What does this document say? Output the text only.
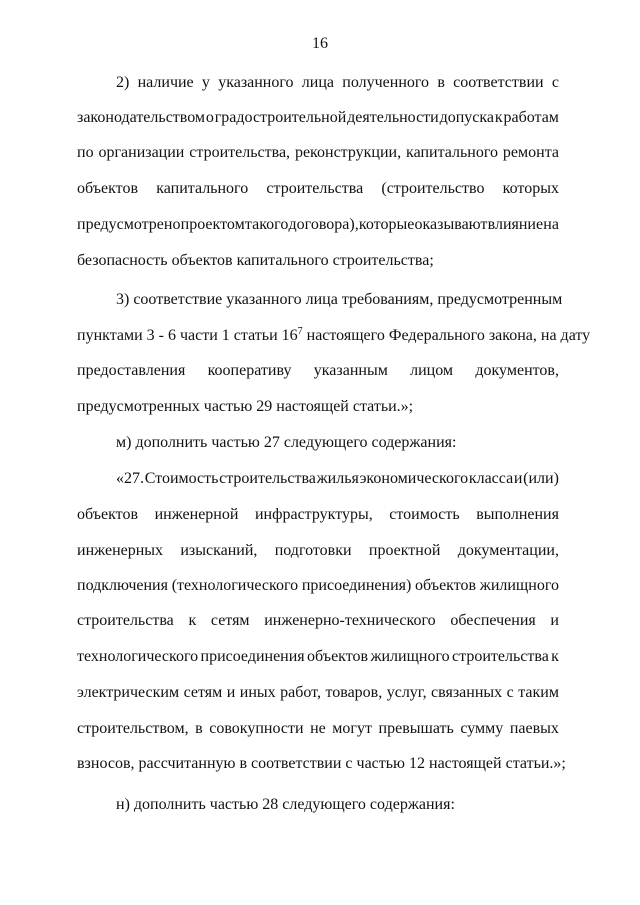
16
2) наличие у указанного лица полученного в соответствии с
законодательством о градостроительной деятельности допуска к работам
по организации строительства, реконструкции, капитального ремонта
объектов капитального строительства (строительство которых
предусмотрено проектом такого договора), которые оказывают влияние на
безопасность объектов капитального строительства;
3) соответствие указанного лица требованиям, предусмотренным
пунктами 3 - 6 части 1 статьи $16^7$ настоящего Федерального закона, на дату
предоставления кооперативу указанным лицом документов,
предусмотренных частью 29 настоящей статьи.»;
м) дополнить частью 27 следующего содержания:
«27. Стоимость строительства жилья экономического класса и (или)
объектов инженерной инфраструктуры, стоимость выполнения
инженерных изысканий, подготовки проектной документации,
подключения (технологического присоединения) объектов жилищного
строительства к сетям инженерно-технического обеспечения и
технологического присоединения объектов жилищного строительства к
электрическим сетям и иных работ, товаров, услуг, связанных с таким
строительством, в совокупности не могут превышать сумму паевых
взносов, рассчитанную в соответствии с частью 12 настоящей статьи.»;
н) дополнить частью 28 следующего содержания:
